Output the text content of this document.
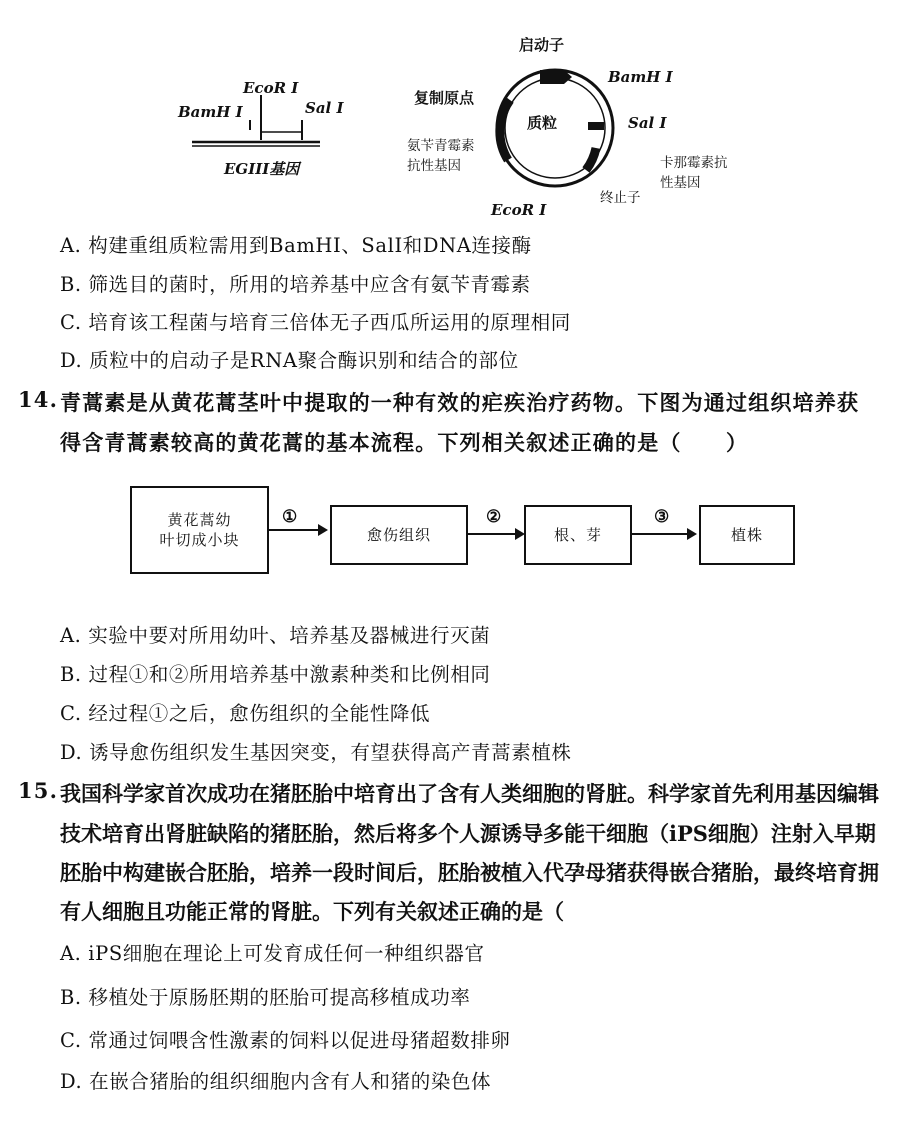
EcoR I
BamH I	Sal I
EGIII基因
启动子
BamH I
复制原点
质粒	Sal I
氨苄青霉素
抗性基因	卡那霉素抗
性基因
终止子
EcoR I
A. 构建重组质粒需用到BamHI、SalI和DNA连接酶
B. 筛选目的菌时，所用的培养基中应含有氨苄青霉素
C. 培育该工程菌与培育三倍体无子西瓜所运用的原理相同
D. 质粒中的启动子是RNA聚合酶识别和结合的部位
14. 青蒿素是从黄花蒿茎叶中提取的一种有效的疟疾治疗药物。下图为通过组织培养获
得含青蒿素较高的黄花蒿的基本流程。下列相关叙述正确的是（　　）
黄花蒿幼
叶切成小块
①
愈伤组织
②
根、芽
③
植株
A. 实验中要对所用幼叶、培养基及器械进行灭菌
B. 过程①和②所用培养基中激素种类和比例相同
C. 经过程①之后，愈伤组织的全能性降低
D. 诱导愈伤组织发生基因突变，有望获得高产青蒿素植株
15. 我国科学家首次成功在猪胚胎中培育出了含有人类细胞的肾脏。科学家首先利用基因编辑
技术培育出肾脏缺陷的猪胚胎，然后将多个人源诱导多能干细胞（iPS细胞）注射入早期
胚胎中构建嵌合胚胎，培养一段时间后，胚胎被植入代孕母猪获得嵌合猪胎，最终培育拥
有人细胞且功能正常的肾脏。下列有关叙述正确的是（
A. iPS细胞在理论上可发育成任何一种组织器官
B. 移植处于原肠胚期的胚胎可提高移植成功率
C. 常通过饲喂含性激素的饲料以促进母猪超数排卵
D. 在嵌合猪胎的组织细胞内含有人和猪的染色体
